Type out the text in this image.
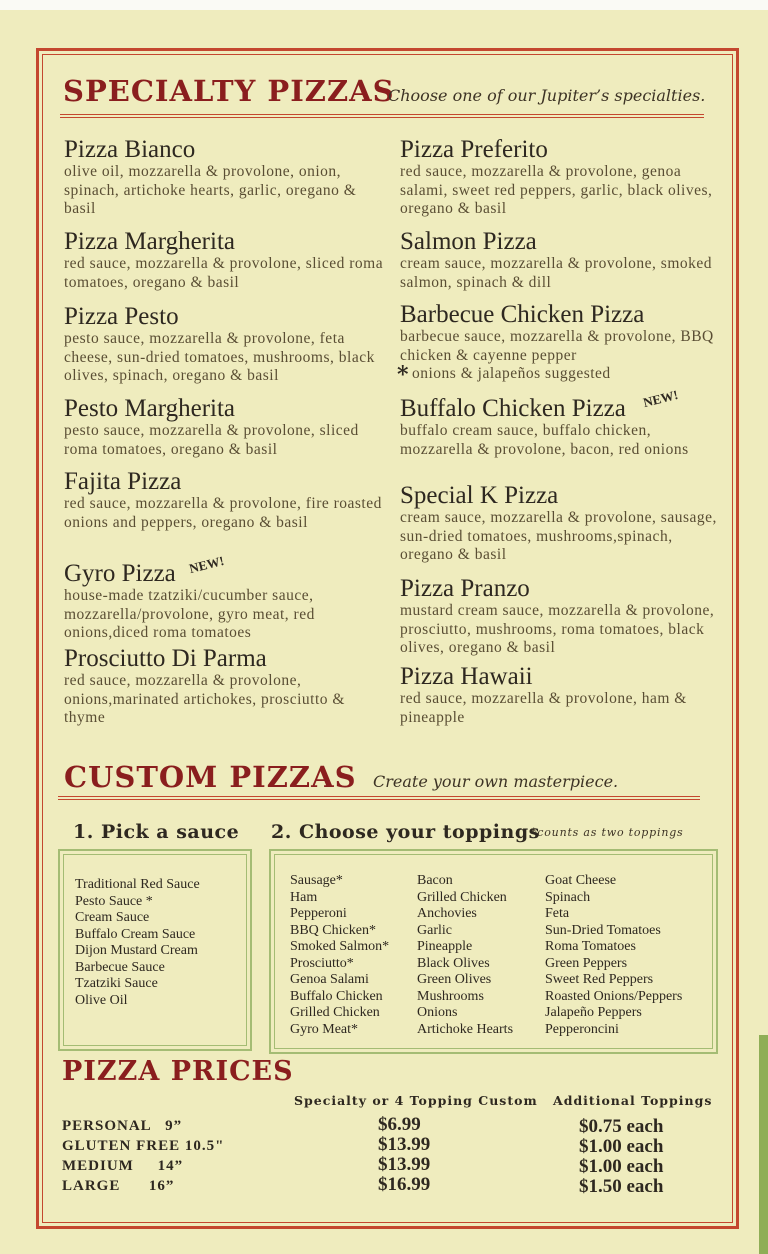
SPECIALTY PIZZAS
Choose one of our Jupiter’s specialties.
CUSTOM PIZZAS Create your own masterpiece.
1. Pick a sauce 2. Choose your toppings
*counts as two toppings
Traditional Red Sauce
Pesto Sauce *
Cream Sauce
Buffalo Cream Sauce
Dijon Mustard Cream
Barbecue Sauce
Tzatziki Sauce
Olive Oil
Sausage*
Ham
Pepperoni
BBQ Chicken*
Smoked Salmon*
Prosciutto*
Genoa Salami
Buffalo Chicken
Grilled Chicken
Gyro Meat*
Bacon
Grilled Chicken
Anchovies
Garlic
Pineapple
Black Olives
Green Olives
Mushrooms
Onions
Artichoke Hearts
Goat Cheese
Spinach
Feta
Sun-Dried Tomatoes
Roma Tomatoes
Green Peppers
Sweet Red Peppers
Roasted Onions/Peppers
Jalapeño Peppers
Pepperoncini
PIZZA PRICES
Specialty or 4 Topping Custom Additional Toppings
PERSONAL   9”	$6.99	$0.75 each
GLUTEN FREE 10.5"	$13.99	$1.00 each
MEDIUM     14”	$13.99	$1.00 each
LARGE      16”	$16.99	$1.50 each
Pizza Bianco
olive oil, mozzarella & provolone, onion, spinach, artichoke hearts, garlic, oregano & basil
Pizza Margherita
red sauce, mozzarella & provolone, sliced roma tomatoes, oregano & basil
Pizza Pesto
pesto sauce, mozzarella & provolone, feta cheese, sun-dried tomatoes, mushrooms, black olives, spinach, oregano & basil
Pesto Margherita
pesto sauce, mozzarella & provolone, sliced roma tomatoes, oregano & basil
Fajita Pizza
red sauce, mozzarella & provolone, fire roasted onions and peppers, oregano & basil
Gyro Pizza
house-made tzatziki/cucumber sauce, mozzarella/provolone, gyro meat, red onions,diced roma tomatoes
NEW!
Prosciutto Di Parma
red sauce, mozzarella & provolone, onions,marinated artichokes, prosciutto & thyme
Pizza Preferito
red sauce, mozzarella & provolone, genoa salami, sweet red peppers, garlic, black olives, oregano & basil
Salmon Pizza
cream sauce, mozzarella & provolone, smoked salmon, spinach & dill
*
Barbecue Chicken Pizza
barbecue sauce, mozzarella & provolone, BBQ chicken & cayenne pepper
onions & jalapeños suggested
Buffalo Chicken Pizza
buffalo cream sauce, buffalo chicken, mozzarella & provolone, bacon, red onions
NEW!
Special K Pizza
cream sauce, mozzarella & provolone, sausage, sun-dried tomatoes, mushrooms,spinach, oregano & basil
Pizza Pranzo
mustard cream sauce, mozzarella & provolone, prosciutto, mushrooms, roma tomatoes, black olives, oregano & basil
Pizza Hawaii
red sauce, mozzarella & provolone, ham & pineapple
